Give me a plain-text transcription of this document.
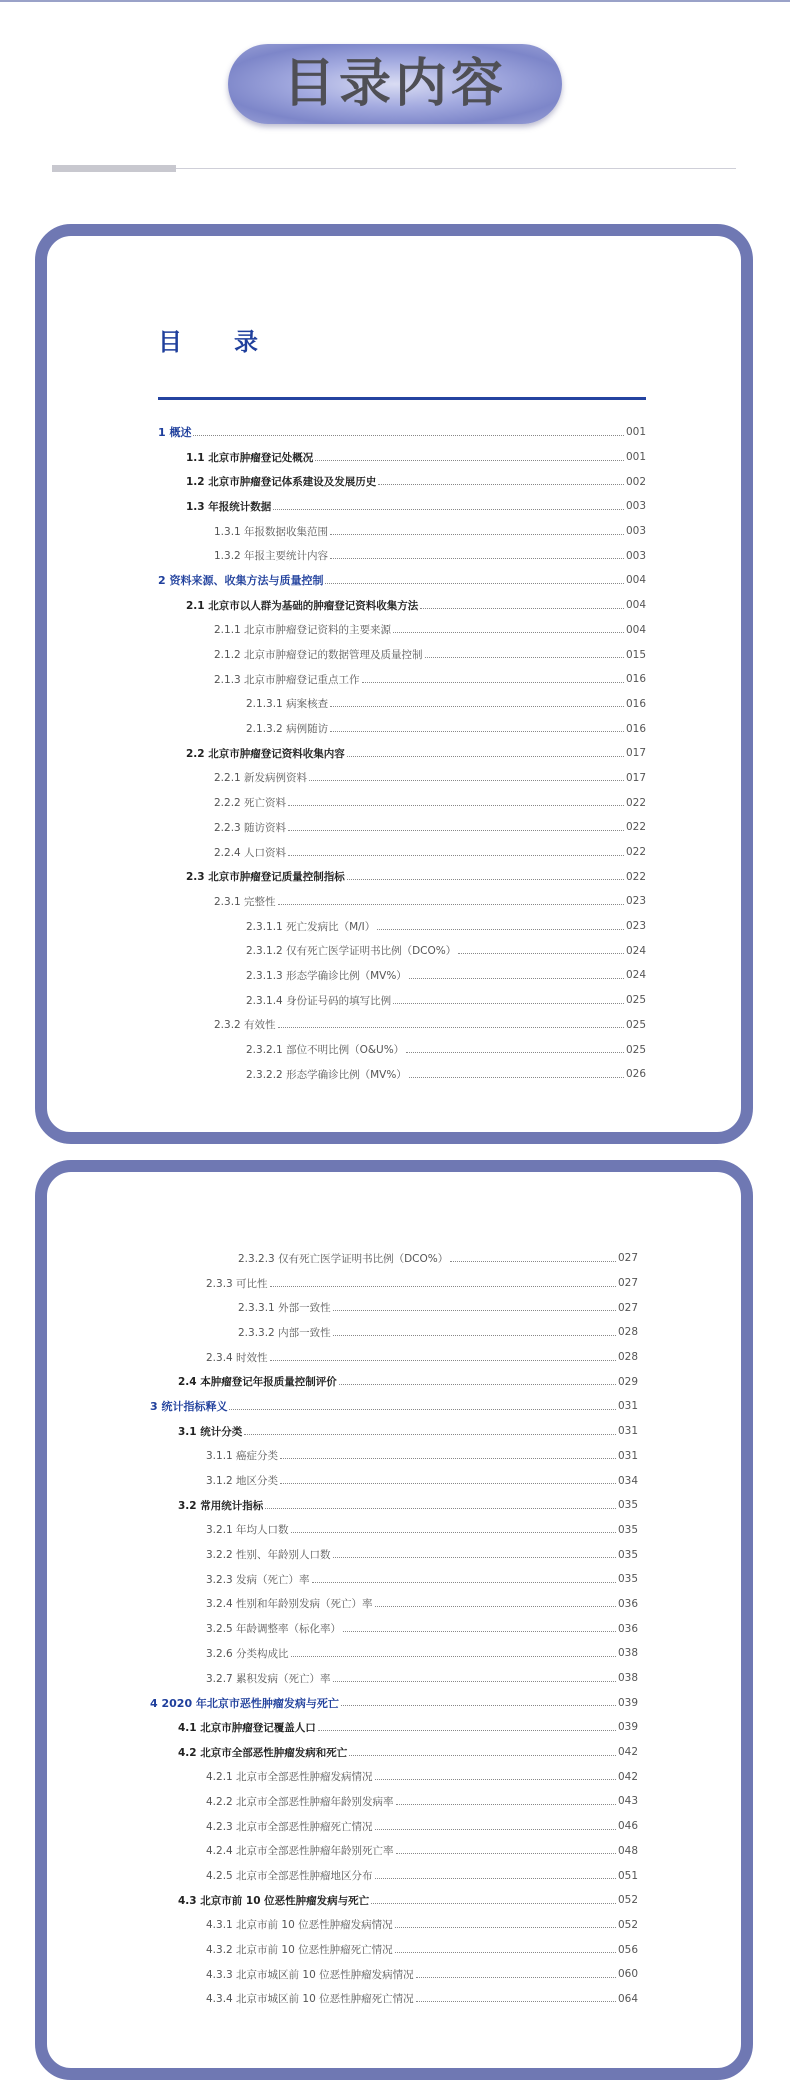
目录内容
目　录
1 概述	001
1.1 北京市肿瘤登记处概况	001
1.2 北京市肿瘤登记体系建设及发展历史	002
1.3 年报统计数据	003
1.3.1 年报数据收集范围	003
1.3.2 年报主要统计内容	003
2 资料来源、收集方法与质量控制	004
2.1 北京市以人群为基础的肿瘤登记资料收集方法	004
2.1.1 北京市肿瘤登记资料的主要来源	004
2.1.2 北京市肿瘤登记的数据管理及质量控制	015
2.1.3 北京市肿瘤登记重点工作	016
2.1.3.1 病案核查	016
2.1.3.2 病例随访	016
2.2 北京市肿瘤登记资料收集内容	017
2.2.1 新发病例资料	017
2.2.2 死亡资料	022
2.2.3 随访资料	022
2.2.4 人口资料	022
2.3 北京市肿瘤登记质量控制指标	022
2.3.1 完整性	023
2.3.1.1 死亡发病比（M/I）	023
2.3.1.2 仅有死亡医学证明书比例（DCO%）	024
2.3.1.3 形态学确诊比例（MV%）	024
2.3.1.4 身份证号码的填写比例	025
2.3.2 有效性	025
2.3.2.1 部位不明比例（O&U%）	025
2.3.2.2 形态学确诊比例（MV%）	026
2.3.2.3 仅有死亡医学证明书比例（DCO%）	027
2.3.3 可比性	027
2.3.3.1 外部一致性	027
2.3.3.2 内部一致性	028
2.3.4 时效性	028
2.4 本肿瘤登记年报质量控制评价	029
3 统计指标释义	031
3.1 统计分类	031
3.1.1 癌症分类	031
3.1.2 地区分类	034
3.2 常用统计指标	035
3.2.1 年均人口数	035
3.2.2 性别、年龄别人口数	035
3.2.3 发病（死亡）率	035
3.2.4 性别和年龄别发病（死亡）率	036
3.2.5 年龄调整率（标化率）	036
3.2.6 分类构成比	038
3.2.7 累积发病（死亡）率	038
4 2020 年北京市恶性肿瘤发病与死亡	039
4.1 北京市肿瘤登记覆盖人口	039
4.2 北京市全部恶性肿瘤发病和死亡	042
4.2.1 北京市全部恶性肿瘤发病情况	042
4.2.2 北京市全部恶性肿瘤年龄别发病率	043
4.2.3 北京市全部恶性肿瘤死亡情况	046
4.2.4 北京市全部恶性肿瘤年龄别死亡率	048
4.2.5 北京市全部恶性肿瘤地区分布	051
4.3 北京市前 10 位恶性肿瘤发病与死亡	052
4.3.1 北京市前 10 位恶性肿瘤发病情况	052
4.3.2 北京市前 10 位恶性肿瘤死亡情况	056
4.3.3 北京市城区前 10 位恶性肿瘤发病情况	060
4.3.4 北京市城区前 10 位恶性肿瘤死亡情况	064
